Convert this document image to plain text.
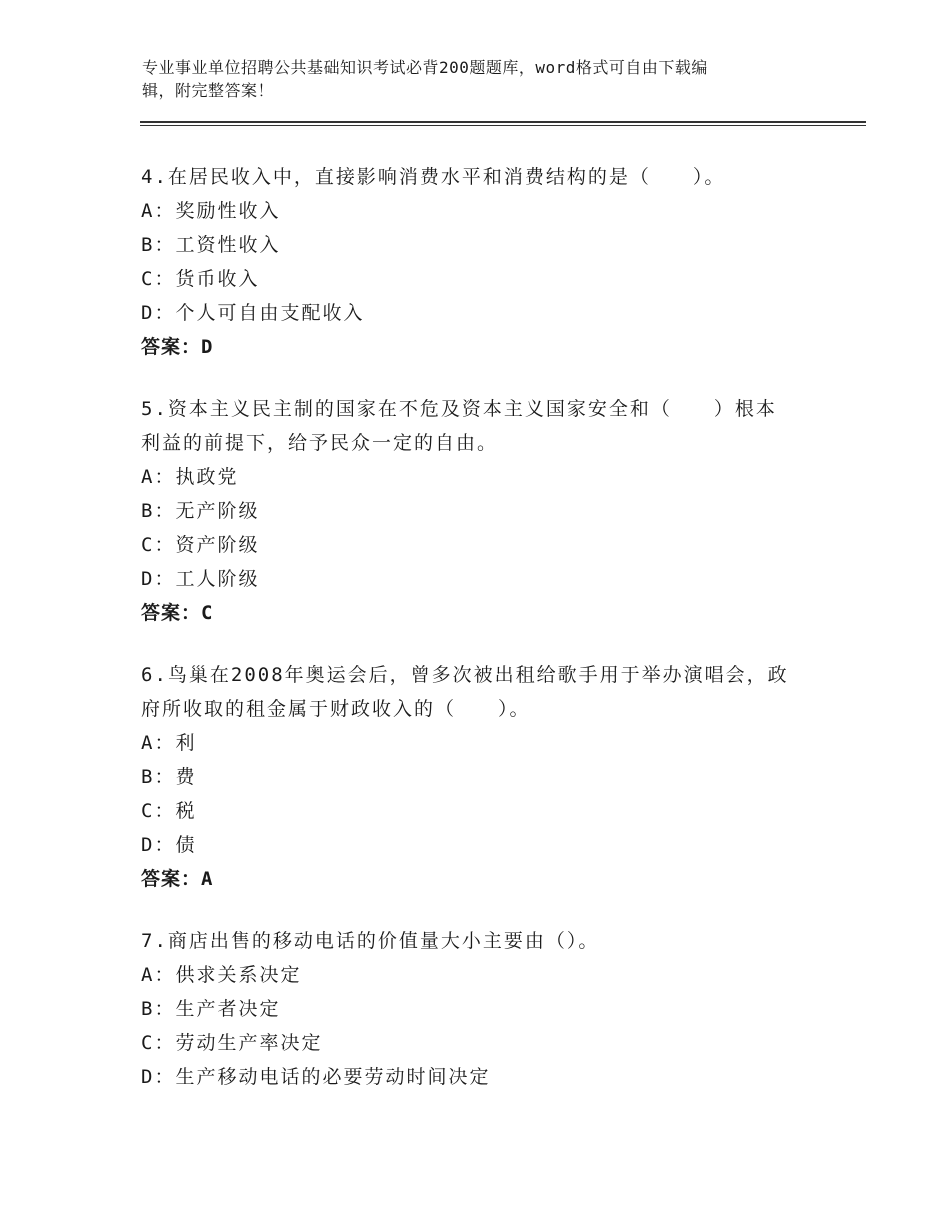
专业事业单位招聘公共基础知识考试必背200题题库，word格式可自由下载编
辑，附完整答案！
4.在居民收入中，直接影响消费水平和消费结构的是（　　）。
A：奖励性收入
B：工资性收入
C：货币收入
D：个人可自由支配收入
答案：D
5.资本主义民主制的国家在不危及资本主义国家安全和（　　）根本
利益的前提下，给予民众一定的自由。
A：执政党
B：无产阶级
C：资产阶级
D：工人阶级
答案：C
6.鸟巢在2008年奥运会后，曾多次被出租给歌手用于举办演唱会，政
府所收取的租金属于财政收入的（　　）。
A：利
B：费
C：税
D：债
答案：A
7.商店出售的移动电话的价值量大小主要由（）。
A：供求关系决定
B：生产者决定
C：劳动生产率决定
D：生产移动电话的必要劳动时间决定
